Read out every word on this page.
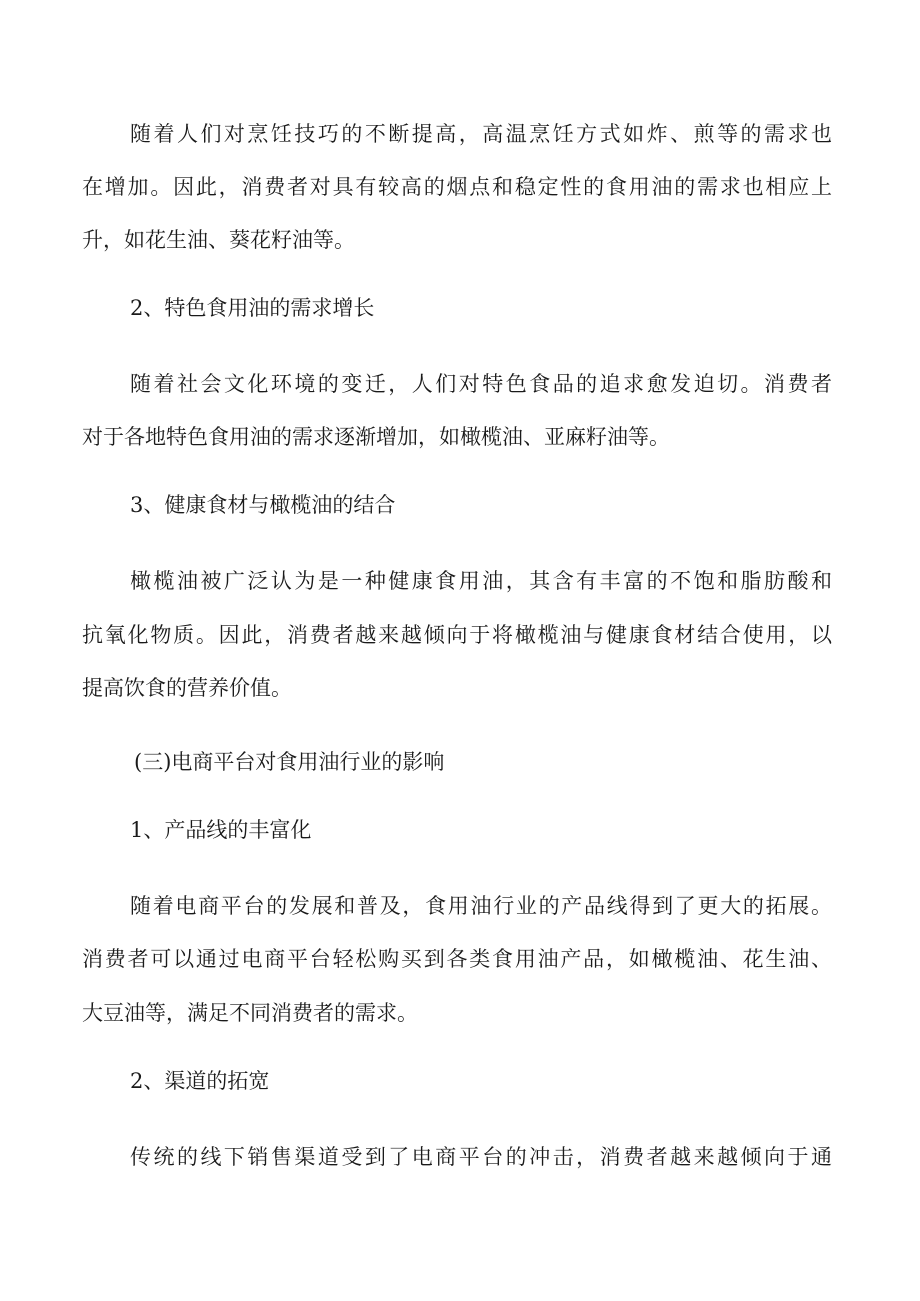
随着人们对烹饪技巧的不断提高，高温烹饪方式如炸、煎等的需求也
在增加。因此，消费者对具有较高的烟点和稳定性的食用油的需求也相应上
升，如花生油、葵花籽油等。
2、特色食用油的需求增长
随着社会文化环境的变迁，人们对特色食品的追求愈发迫切。消费者
对于各地特色食用油的需求逐渐增加，如橄榄油、亚麻籽油等。
3、健康食材与橄榄油的结合
橄榄油被广泛认为是一种健康食用油，其含有丰富的不饱和脂肪酸和
抗氧化物质。因此，消费者越来越倾向于将橄榄油与健康食材结合使用，以
提高饮食的营养价值。
(三)电商平台对食用油行业的影响
1、产品线的丰富化
随着电商平台的发展和普及，食用油行业的产品线得到了更大的拓展。
消费者可以通过电商平台轻松购买到各类食用油产品，如橄榄油、花生油、
大豆油等，满足不同消费者的需求。
2、渠道的拓宽
传统的线下销售渠道受到了电商平台的冲击，消费者越来越倾向于通
